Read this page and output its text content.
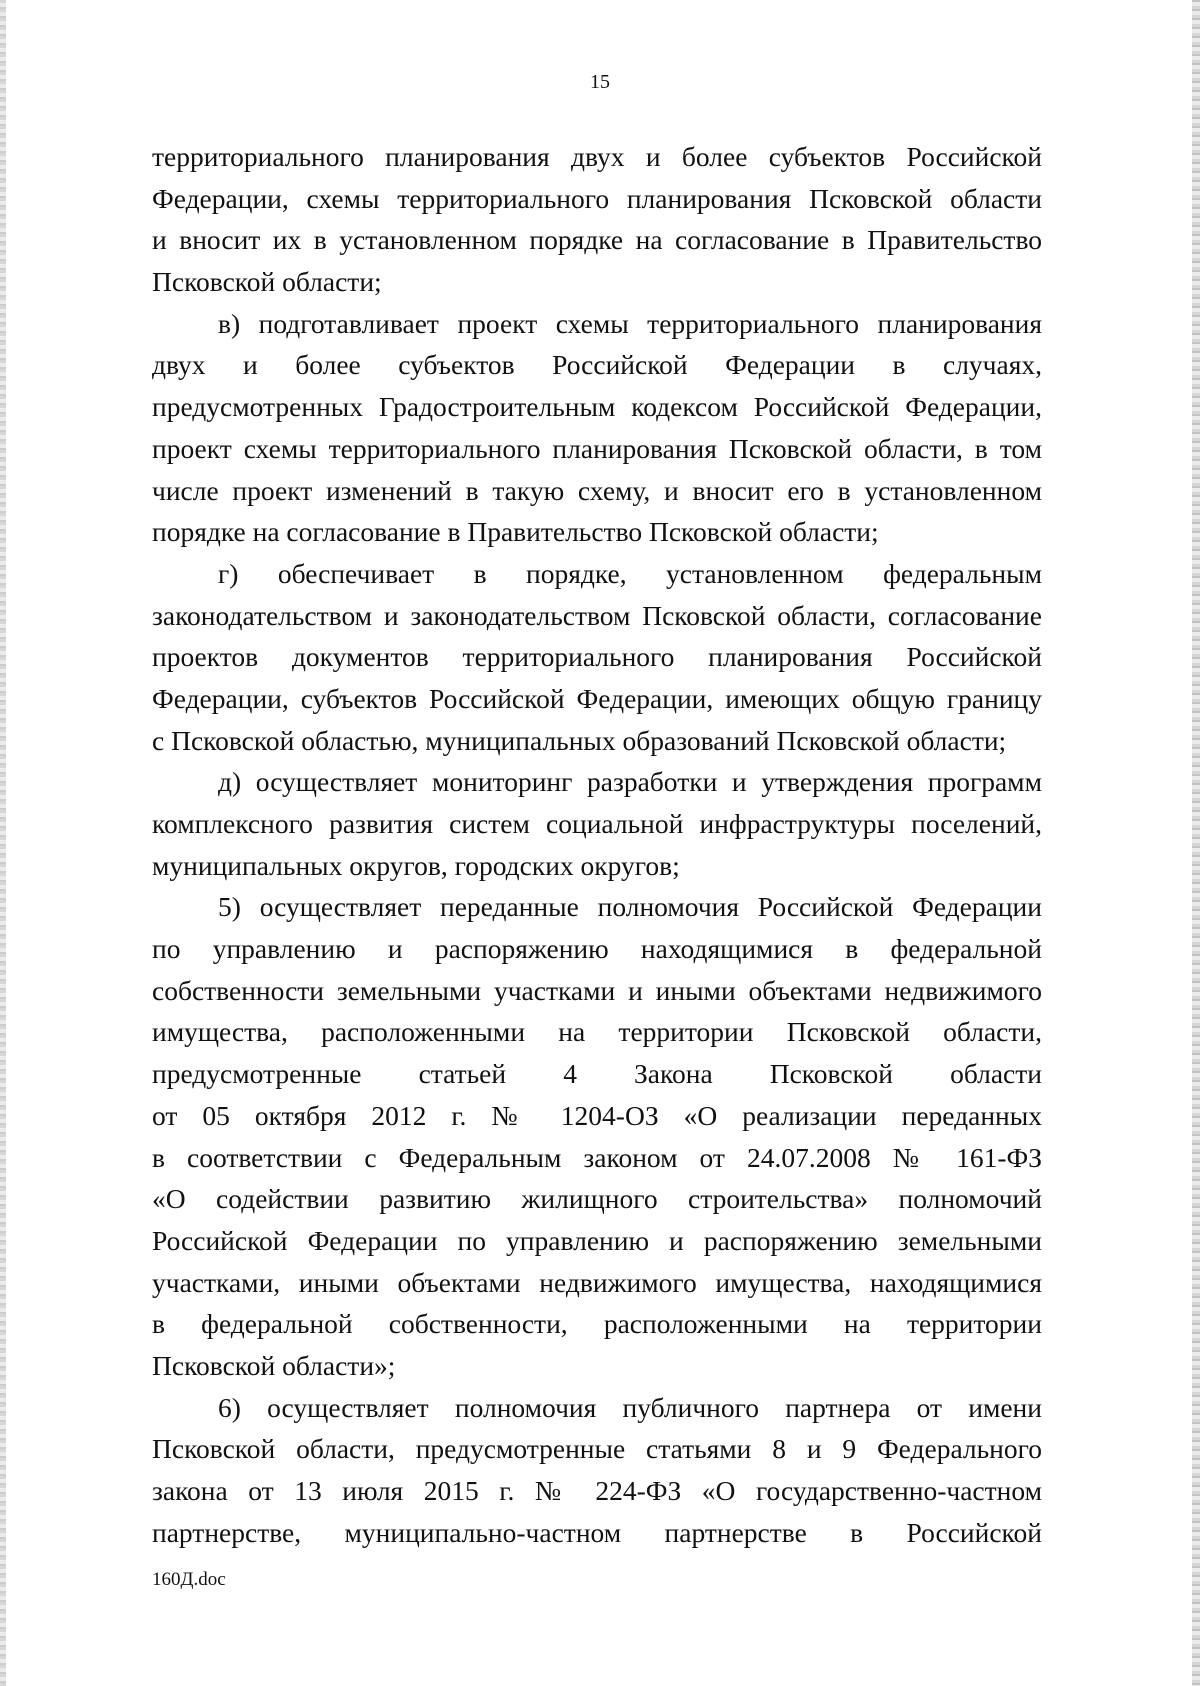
15
территориального планирования двух и более субъектов Российской
Федерации, схемы территориального планирования Псковской области
и вносит их в установленном порядке на согласование в Правительство
Псковской области;
в) подготавливает проект схемы территориального планирования
двух и более субъектов Российской Федерации в случаях,
предусмотренных Градостроительным кодексом Российской Федерации,
проект схемы территориального планирования Псковской области, в том
числе проект изменений в такую схему, и вносит его в установленном
порядке на согласование в Правительство Псковской области;
г) обеспечивает в порядке, установленном федеральным
законодательством и законодательством Псковской области, согласование
проектов документов территориального планирования Российской
Федерации, субъектов Российской Федерации, имеющих общую границу
с Псковской областью, муниципальных образований Псковской области;
д) осуществляет мониторинг разработки и утверждения программ
комплексного развития систем социальной инфраструктуры поселений,
муниципальных округов, городских округов;
5) осуществляет переданные полномочия Российской Федерации
по управлению и распоряжению находящимися в федеральной
собственности земельными участками и иными объектами недвижимого
имущества, расположенными на территории Псковской области,
предусмотренные статьей 4 Закона Псковской области
от 05 октября 2012 г. № 1204-ОЗ «О реализации переданных
в соответствии с Федеральным законом от 24.07.2008 № 161-ФЗ
«О содействии развитию жилищного строительства» полномочий
Российской Федерации по управлению и распоряжению земельными
участками, иными объектами недвижимого имущества, находящимися
в федеральной собственности, расположенными на территории
Псковской области»;
6) осуществляет полномочия публичного партнера от имени
Псковской области, предусмотренные статьями 8 и 9 Федерального
закона от 13 июля 2015 г. № 224-ФЗ «О государственно-частном
партнерстве, муниципально-частном партнерстве в Российской
160Д.doc
